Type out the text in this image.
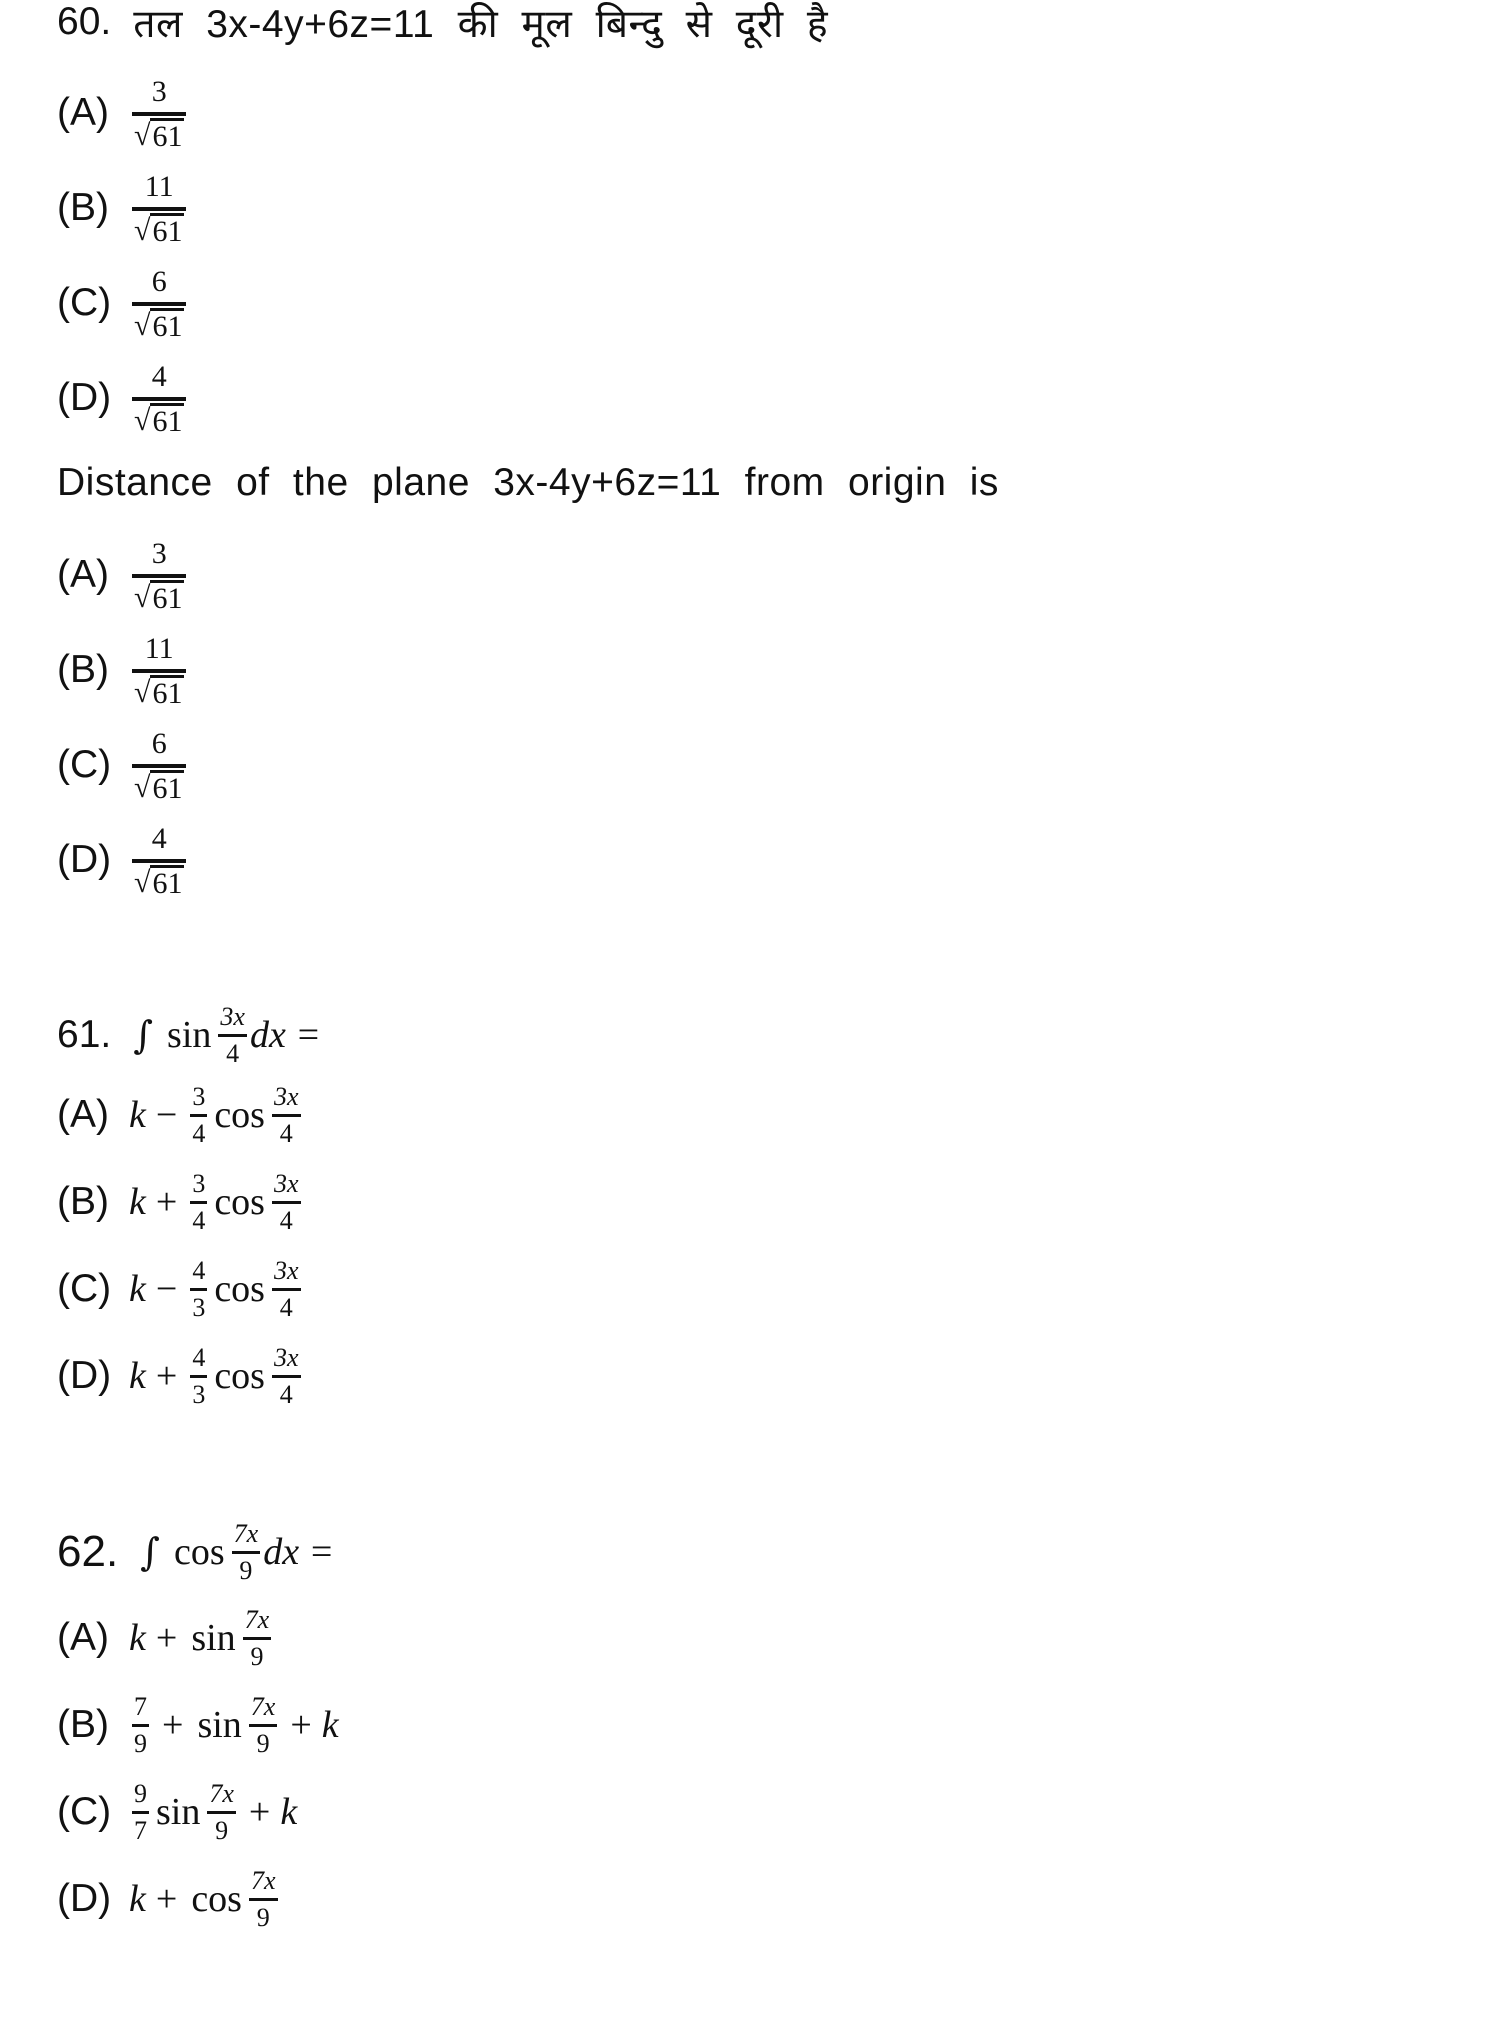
60. तल 3x-4y+6z=11 की मूल बिन्दु से दूरी है
$(A) \frac{3}{√ 61}$
$(B) \frac{11}{√ 61}$
$(C) \frac{6}{√ 61}$
$(D) \frac{4}{√ 61}$
Distance of the plane 3x-4y+6z=11 from origin is
$(A) \frac{3}{√ 61}$
$(B) \frac{11}{√ 61}$
$(C) \frac{6}{√ 61}$
$(D) \frac{4}{√ 61}$
61. ∫ $\sin \frac{3x}{4}$ dx =
(A) $k - \frac{3}{4}$ $\cos \frac{3x}{4}$
(B) $k + \frac{3}{4}$ $\cos \frac{3x}{4}$
(C) $k - \frac{4}{3}$ $\cos \frac{3x}{4}$
(D) $k + \frac{4}{3}$ $\cos \frac{3x}{4}$
62. ∫ $\cos \frac{7x}{9}$ dx =
(A) $k + \sin \frac{7x}{9}$
$(B) \frac{7}{9} + \sin \frac{7x}{9} + k$
$(C) \frac{9}{7}$ $\sin \frac{7x}{9} + k$
(D) $k + \cos \frac{7x}{9}$
